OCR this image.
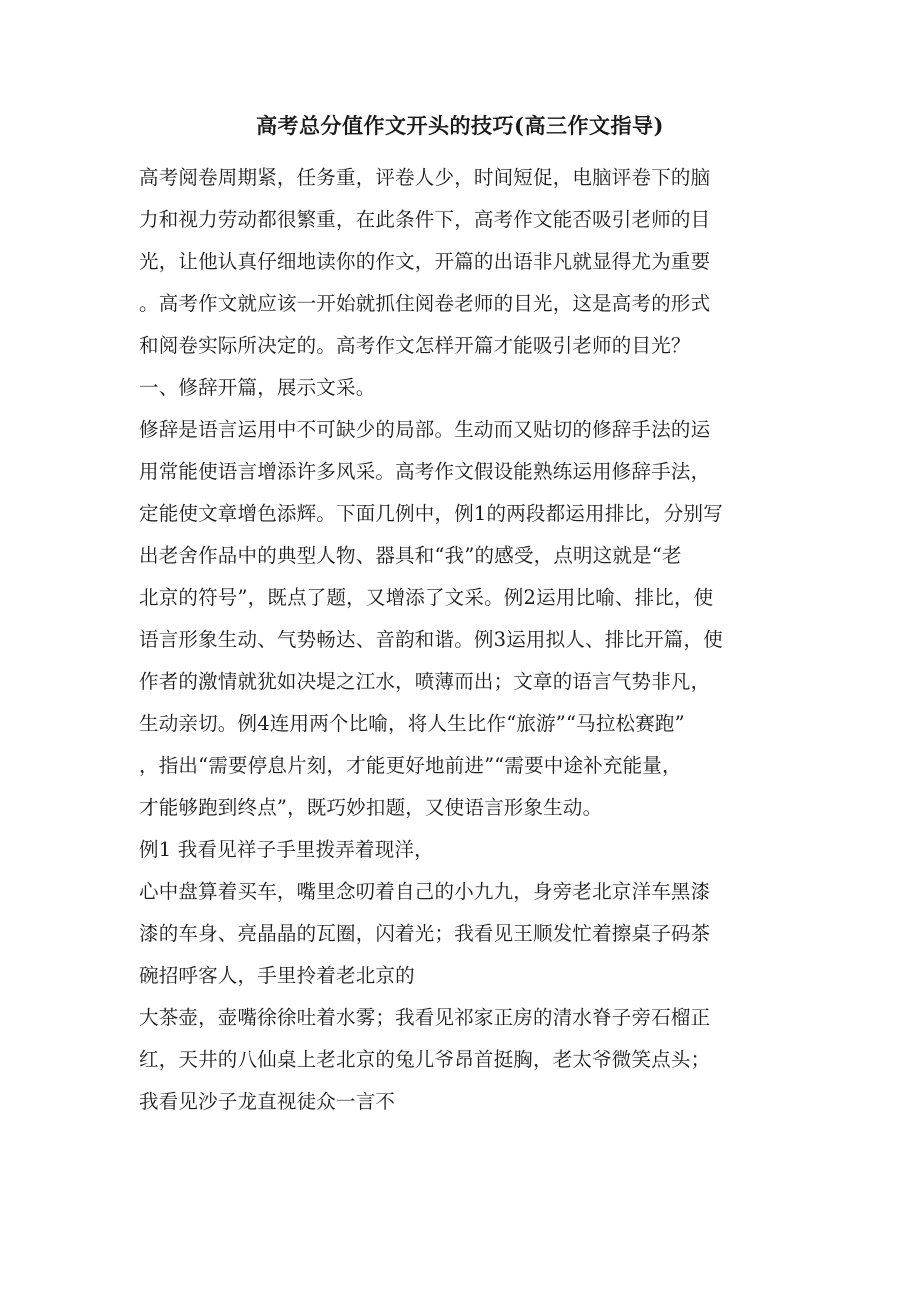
高考总分值作文开头的技巧(高三作文指导)
高考阅卷周期紧，任务重，评卷人少，时间短促，电脑评卷下的脑
力和视力劳动都很繁重，在此条件下，高考作文能否吸引老师的目
光，让他认真仔细地读你的作文，开篇的出语非凡就显得尤为重要
。高考作文就应该一开始就抓住阅卷老师的目光，这是高考的形式
和阅卷实际所决定的。高考作文怎样开篇才能吸引老师的目光？
一、修辞开篇，展示文采。
修辞是语言运用中不可缺少的局部。生动而又贴切的修辞手法的运
用常能使语言增添许多风采。高考作文假设能熟练运用修辞手法，
定能使文章增色添辉。下面几例中，例1的两段都运用排比，分别写
出老舍作品中的典型人物、器具和“我”的感受，点明这就是“老
北京的符号”，既点了题，又增添了文采。例2运用比喻、排比，使
语言形象生动、气势畅达、音韵和谐。例3运用拟人、排比开篇，使
作者的激情就犹如决堤之江水，喷薄而出；文章的语言气势非凡，
生动亲切。例4连用两个比喻，将人生比作“旅游”“马拉松赛跑”
，指出“需要停息片刻，才能更好地前进”“需要中途补充能量，
才能够跑到终点”，既巧妙扣题，又使语言形象生动。
例1 我看见祥子手里拨弄着现洋，
心中盘算着买车，嘴里念叨着自己的小九九，身旁老北京洋车黑漆
漆的车身、亮晶晶的瓦圈，闪着光；我看见王顺发忙着擦桌子码茶
碗招呼客人，手里拎着老北京的
大茶壶，壶嘴徐徐吐着水雾；我看见祁家正房的清水脊子旁石榴正
红，天井的八仙桌上老北京的兔儿爷昂首挺胸，老太爷微笑点头；
我看见沙子龙直视徒众一言不
